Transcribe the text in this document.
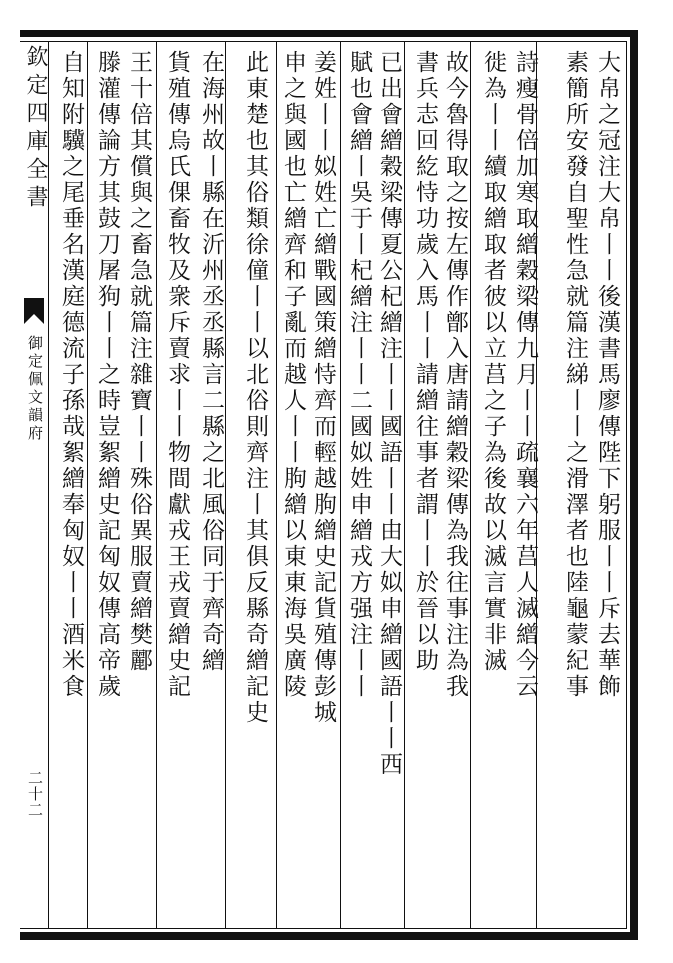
欽定四庫全書
御定佩文韻府
二十二
大帛之冠注大帛丨丨後漢書馬廖傳陛下躬服丨丨斥去華飾
素簡所安發自聖性急就篇注綈丨丨之滑澤者也陸龜蒙紀事
詩瘦骨倍加寒取繒穀梁傳九月丨丨疏襄六年莒人滅繒今云
徙為丨丨續取繒取者彼以立莒之子為後故以滅言實非滅
故今魯得取之按左傳作鄫入唐請繒穀梁傳為我往事注為我
書兵志回紇恃功歲入馬丨丨請繒往事者謂丨丨於晉以助
已出會繒穀梁傳夏公杞繒注丨丨國語丨丨由大姒申繒國語丨丨西
賦也會繒丨吳于丨杞繒注丨丨二國姒姓申繒戎方强注丨丨
姜姓丨丨姒姓亡繒戰國策繒恃齊而輕越朐繒史記貨殖傳彭城
申之與國也亡繒齊和子亂而越人丨丨朐繒以東東海吳廣陵
此東楚也其俗類徐僮丨丨以北俗則齊注丨其俱反縣奇繒記史
在海州故丨縣在沂州丞丞縣言二縣之北風俗同于齊奇繒
貨殖傳烏氏倮畜牧及衆斥賣求丨丨物間獻戎王戎賣繒史記
王十倍其償與之畜急就篇注雜寶丨丨殊俗異服賣繒樊酈
滕灌傳論方其鼓刀屠狗丨丨之時豈絮繒史記匈奴傳高帝歲
自知附驥之尾垂名漢庭德流子孫哉絮繒奉匈奴丨丨酒米食
